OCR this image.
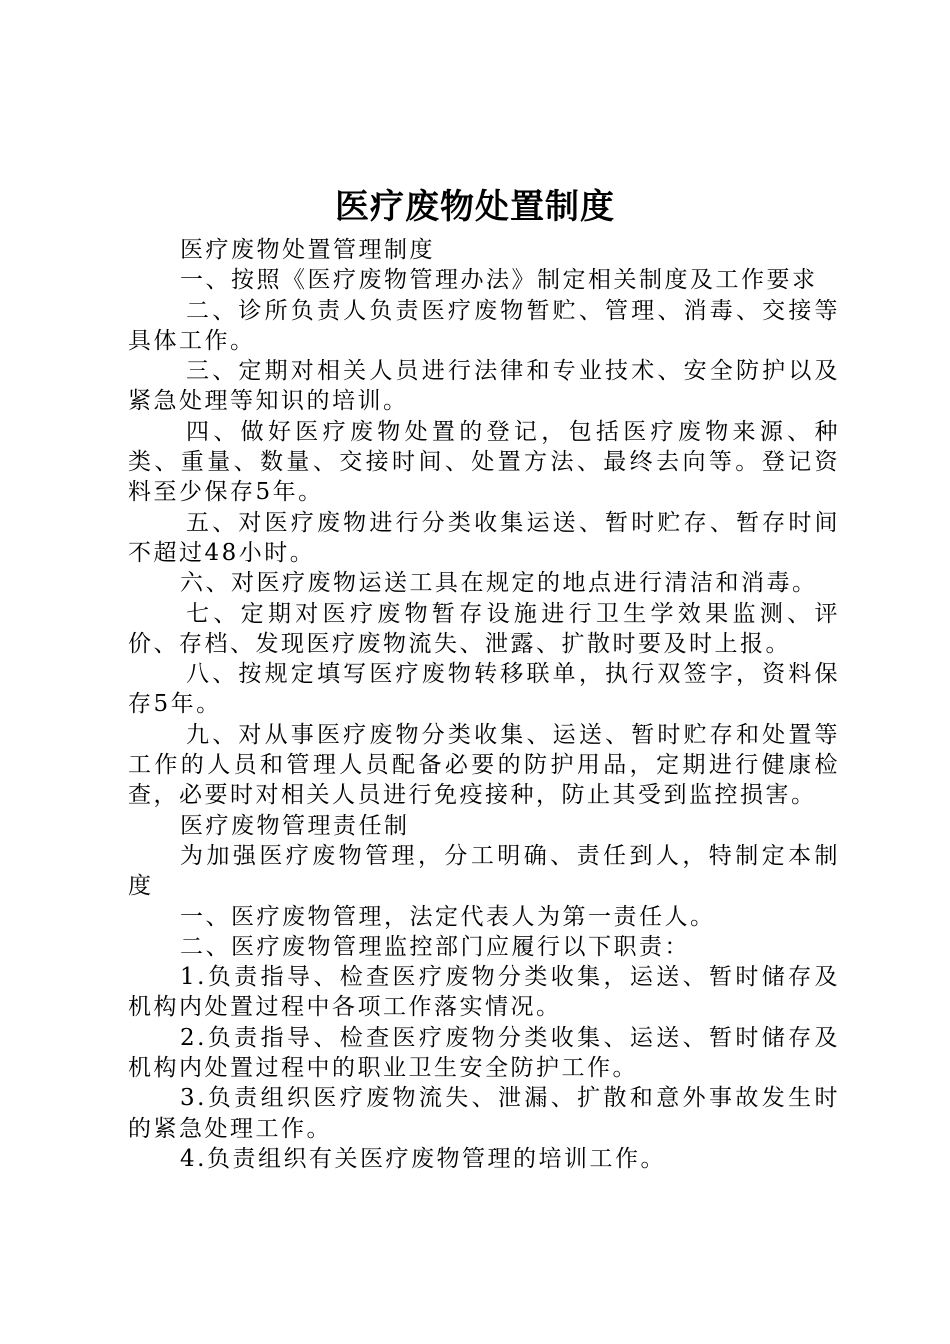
医疗废物处置制度

医疗废物处置管理制度

一、按照《医疗废物管理办法》制定相关制度及工作要求

二、诊所负责人负责医疗废物暂贮、管理、消毒、交接等具体工作。

三、定期对相关人员进行法律和专业技术、安全防护以及紧急处理等知识的培训。

四、做好医疗废物处置的登记，包括医疗废物来源、种类、重量、数量、交接时间、处置方法、最终去向等。登记资料至少保存5年。

五、对医疗废物进行分类收集运送、暂时贮存、暂存时间不超过48小时。

六、对医疗废物运送工具在规定的地点进行清洁和消毒。

七、定期对医疗废物暂存设施进行卫生学效果监测、评价、存档、发现医疗废物流失、泄露、扩散时要及时上报。

八、按规定填写医疗废物转移联单，执行双签字，资料保存5年。

九、对从事医疗废物分类收集、运送、暂时贮存和处置等工作的人员和管理人员配备必要的防护用品，定期进行健康检查，必要时对相关人员进行免疫接种，防止其受到监控损害。

医疗废物管理责任制

为加强医疗废物管理，分工明确、责任到人，特制定本制度

一、医疗废物管理，法定代表人为第一责任人。

二、医疗废物管理监控部门应履行以下职责：

1.负责指导、检查医疗废物分类收集，运送、暂时储存及机构内处置过程中各项工作落实情况。

2.负责指导、检查医疗废物分类收集、运送、暂时储存及机构内处置过程中的职业卫生安全防护工作。

3.负责组织医疗废物流失、泄漏、扩散和意外事故发生时的紧急处理工作。

4.负责组织有关医疗废物管理的培训工作。
